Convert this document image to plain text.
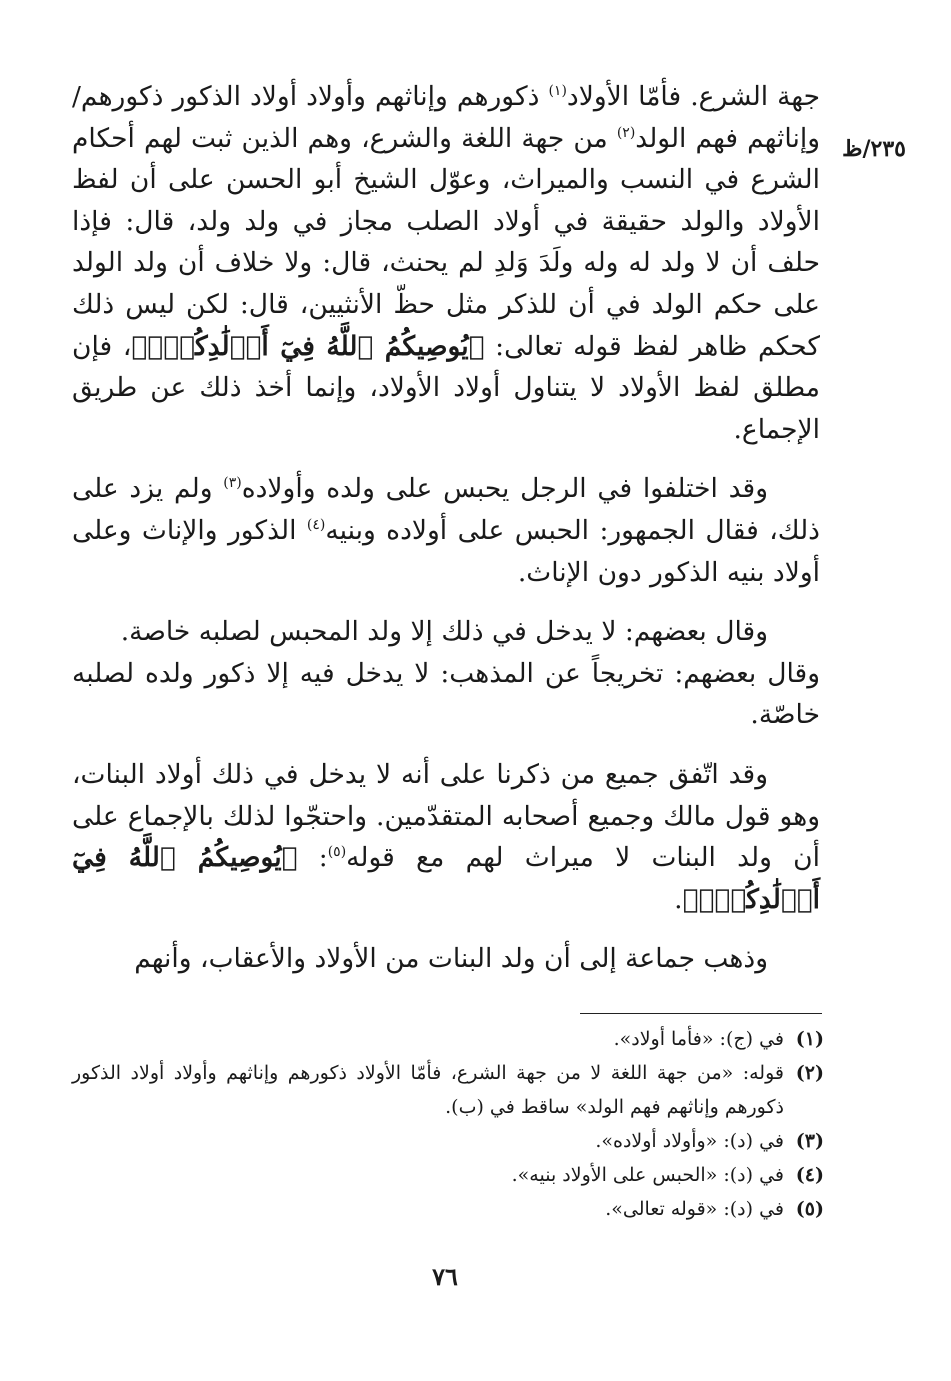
٢٣٥/ظ

جهة الشرع. فأمّا الأولاد$^{(١)}$ ذكورهم وإناثهم وأولاد أولاد الذكور ذكورهم/ وإناثهم فهم الولد$^{(٢)}$ من جهة اللغة والشرع، وهم الذين ثبت لهم أحكام الشرع في النسب والميراث، وعوّل الشيخ أبو الحسن على أن لفظ الأولاد والولد حقيقة في أولاد الصلب مجاز في ولد ولد، قال: فإذا حلف أن لا ولد له وله ولَدَ وَلدِ لم يحنث، قال: ولا خلاف أن ولد الولد على حكم الولد في أن للذكر مثل حظّ الأنثيين، قال: لكن ليس ذلك كحكم ظاهر لفظ قوله تعالى: ﴿يُوصِيكُمُ ٱللَّهُ فِيٓ أَوۡلَٰدِكُمۡۖ﴾، فإن مطلق لفظ الأولاد لا يتناول أولاد الأولاد، وإنما أخذ ذلك عن طريق الإجماع.

وقد اختلفوا في الرجل يحبس على ولده وأولاده$^{(٣)}$ ولم يزد على ذلك، فقال الجمهور: الحبس على أولاده وبنيه$^{(٤)}$ الذكور والإناث وعلى أولاد بنيه الذكور دون الإناث.

وقال بعضهم: لا يدخل في ذلك إلا ولد المحبس لصلبه خاصة.

وقال بعضهم: تخريجاً عن المذهب: لا يدخل فيه إلا ذكور ولده لصلبه خاصّة.

وقد اتّفق جميع من ذكرنا على أنه لا يدخل في ذلك أولاد البنات، وهو قول مالك وجميع أصحابه المتقدّمين. واحتجّوا لذلك بالإجماع على أن ولد البنات لا ميراث لهم مع قوله$^{(٥)}$: ﴿يُوصِيكُمُ ٱللَّهُ فِيٓ أَوۡلَٰدِكُمۡۖ﴾.

وذهب جماعة إلى أن ولد البنات من الأولاد والأعقاب، وأنهم

(١)
في (ج): «فأما أولاد».
(٢)
قوله: «من جهة اللغة لا من جهة الشرع، فأمّا الأولاد ذكورهم وإناثهم وأولاد أولاد الذكور ذكورهم وإناثهم فهم الولد» ساقط في (ب).
(٣)
في (د): «وأولاد أولاده».
(٤)
في (د): «الحبس على الأولاد بنيه».
(٥)
في (د): «قوله تعالى».
٧٦
